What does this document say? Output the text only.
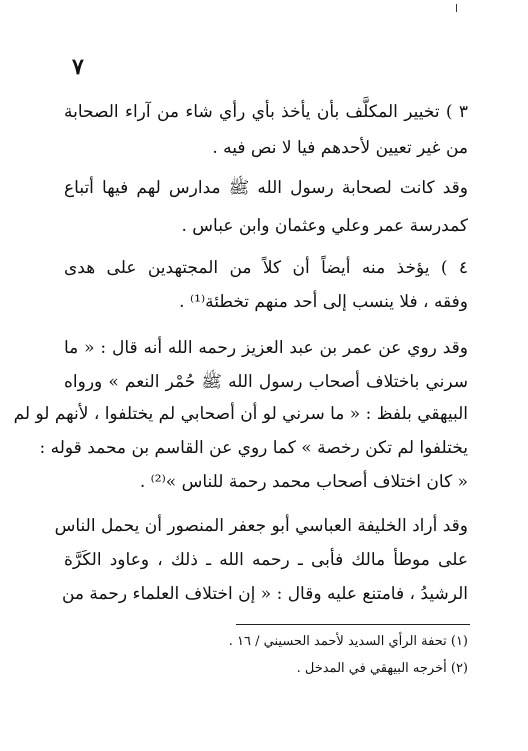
٧
٣ ) تخيير المكلَّف بأن يأخذ بأي رأي شاء من آراء الصحابة
من غير تعيين لأحدهم فيا لا نص فيه .
وقد كانت لصحابة رسول الله ﷺ مدارس لهم فيها أتباع
كمدرسة عمر وعلي وعثمان وابن عباس .
٤ ) يؤخذ منه أيضاً أن كلاً من المجتهدين على هدى
وفقه ، فلا ينسب إلى أحد منهم تخطئة⁽¹⁾ .
وقد روي عن عمر بن عبد العزيز رحمه الله أنه قال : « ما
سرني باختلاف أصحاب رسول الله ﷺ حُمْر النعم » ورواه
البيهقي بلفظ : « ما سرني لو أن أصحابي لم يختلفوا ، لأنهم لو لم
يختلفوا لم تكن رخصة » كما روي عن القاسم بن محمد قوله :
« كان اختلاف أصحاب محمد رحمة للناس »⁽²⁾ .
وقد أراد الخليفة العباسي أبو جعفر المنصور أن يحمل الناس
على موطأ مالك فأبى ـ رحمه الله ـ ذلك ، وعاود الكَرَّة
الرشيدُ ، فامتنع عليه وقال : « إن اختلاف العلماء رحمة من
(١) تحفة الرأي السديد لأحمد الحسيني / ١٦ .
(٢) أخرجه البيهقي في المدخل .
